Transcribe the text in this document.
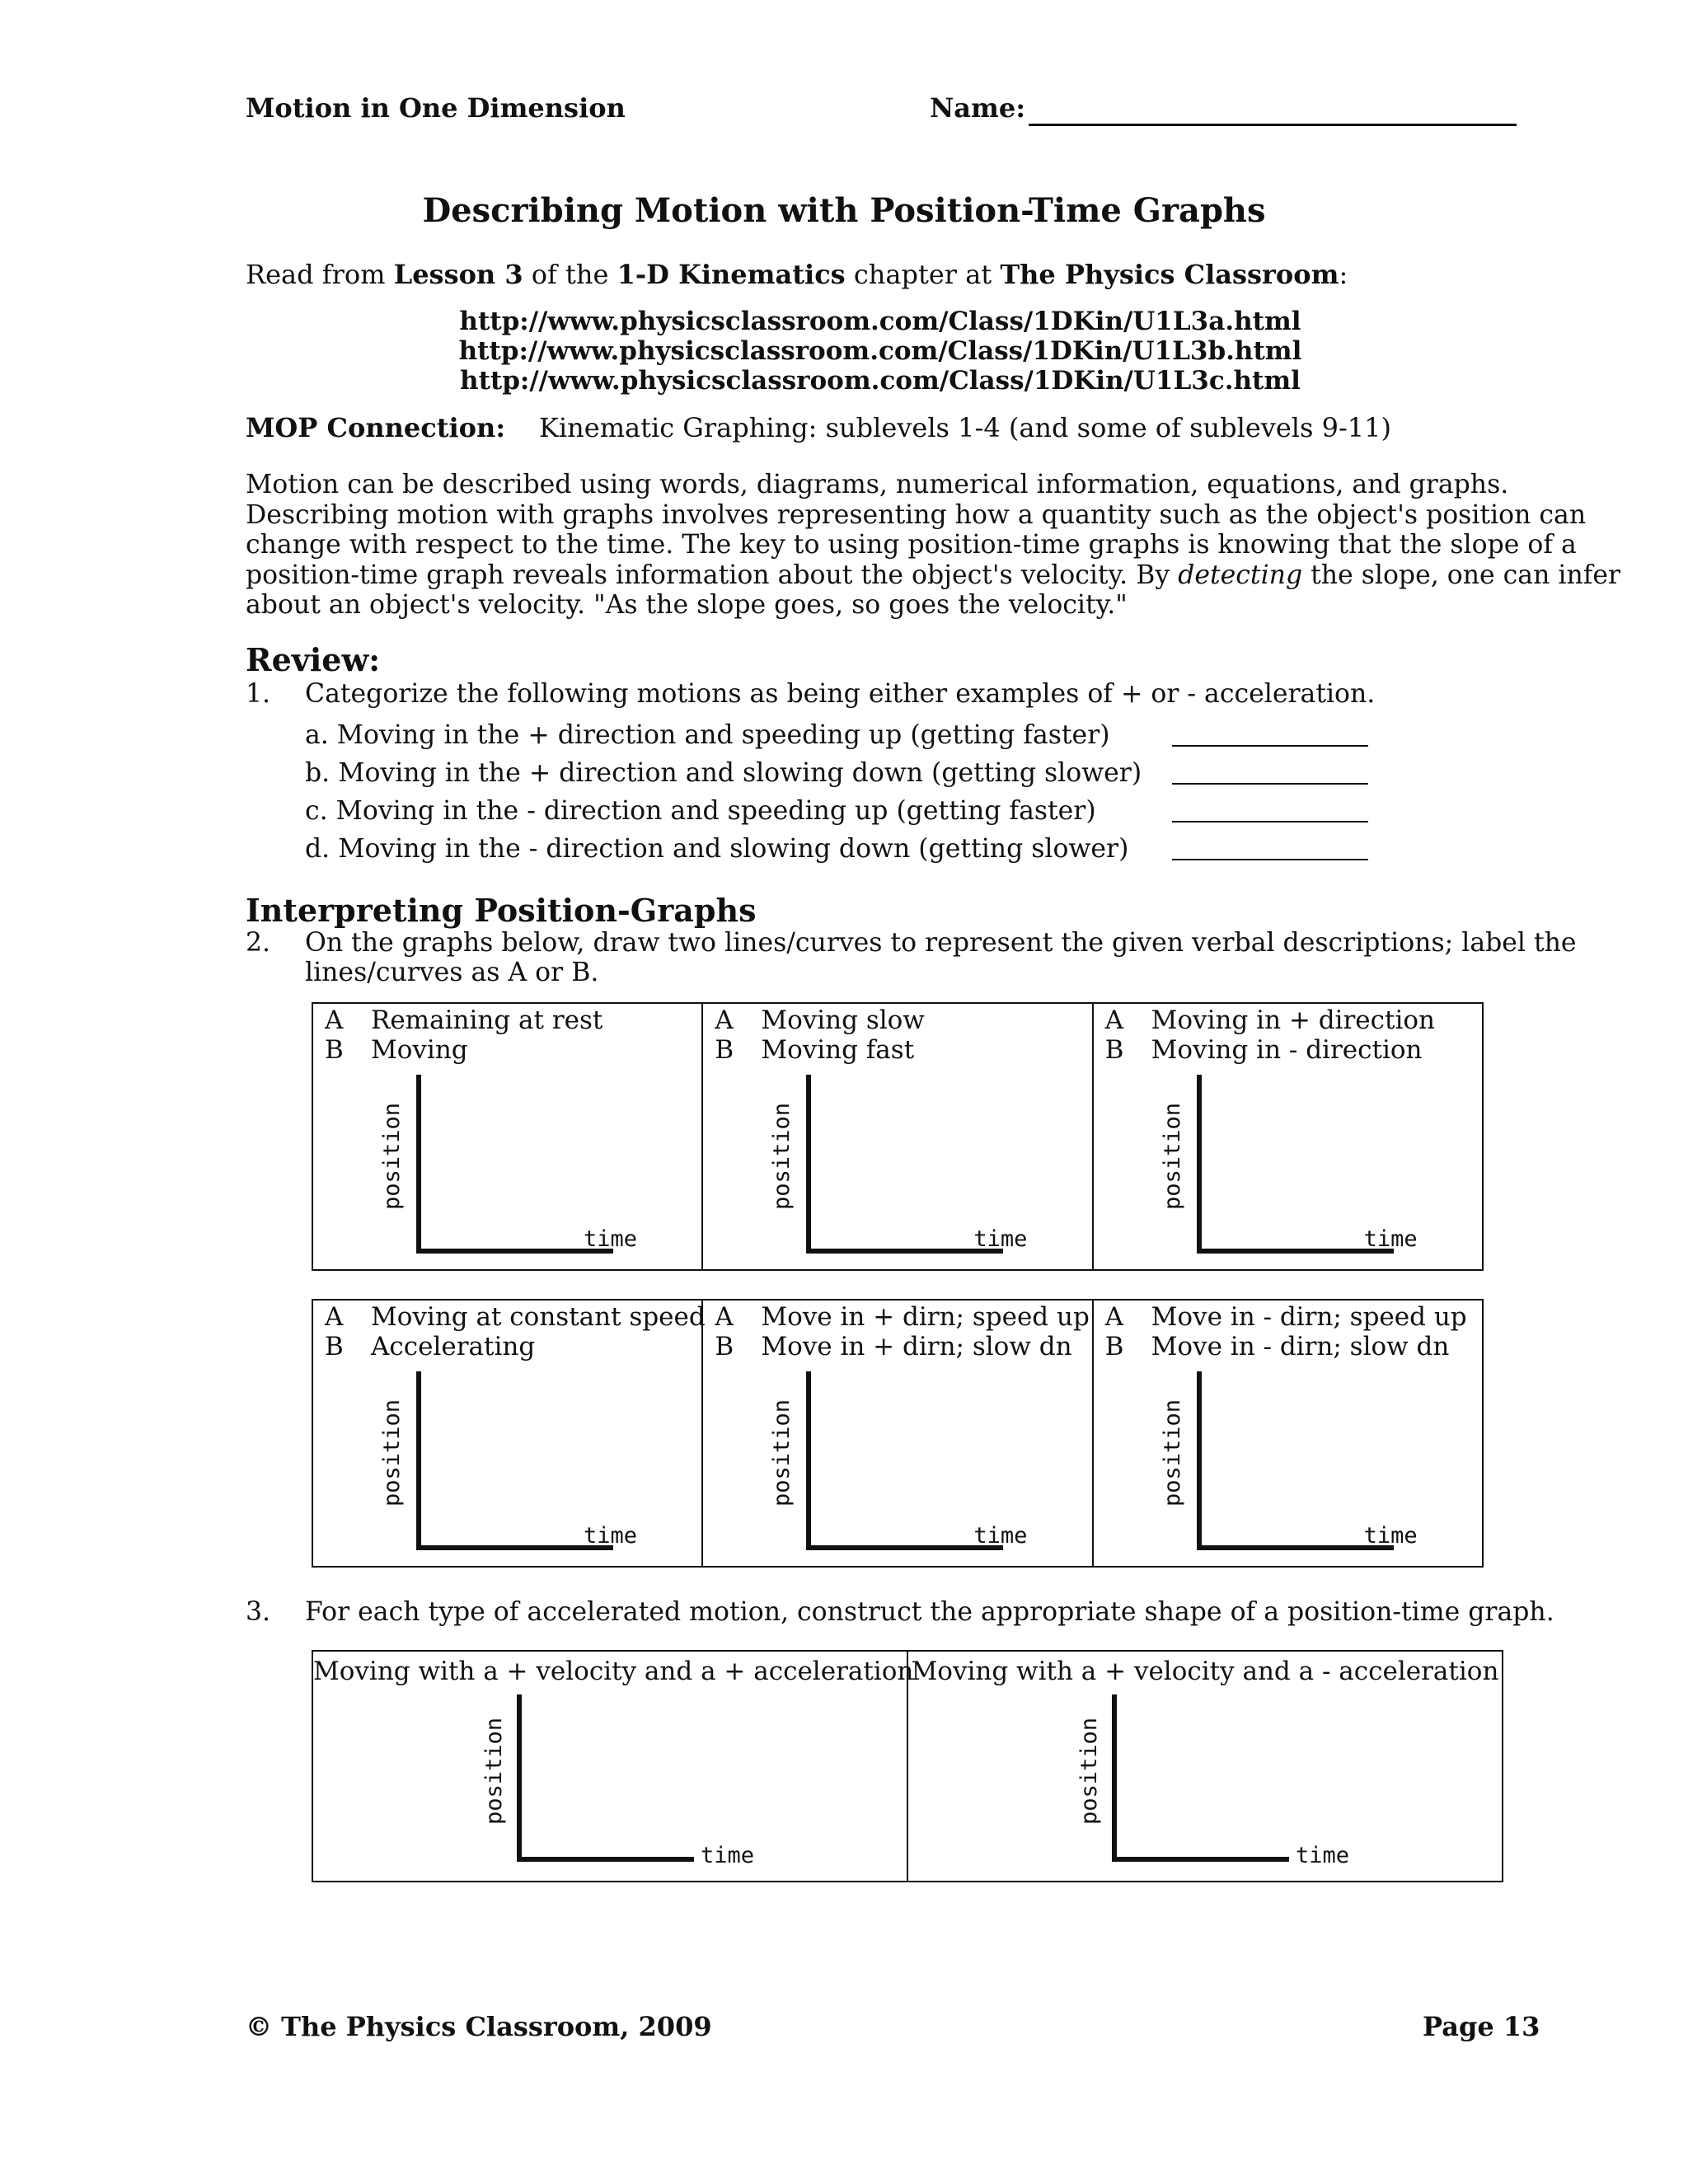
Motion in One Dimension	Name:
Describing Motion with Position-Time Graphs
Read from Lesson 3 of the 1-D Kinematics chapter at The Physics Classroom:
http://www.physicsclassroom.com/Class/1DKin/U1L3a.html
http://www.physicsclassroom.com/Class/1DKin/U1L3b.html
http://www.physicsclassroom.com/Class/1DKin/U1L3c.html
MOP Connection: Kinematic Graphing: sublevels 1-4 (and some of sublevels 9-11)

Motion can be described using words, diagrams, numerical information, equations, and graphs.

Describing motion with graphs involves representing how a quantity such as the object's position can

change with respect to the time. The key to using position-time graphs is knowing that the slope of a

position-time graph reveals information about the object's velocity. By detecting the slope, one can infer

about an object's velocity. "As the slope goes, so goes the velocity."

Review:
1. Categorize the following motions as being either examples of + or - acceleration.
a. Moving in the + direction and speeding up (getting faster)
b. Moving in the + direction and slowing down (getting slower)
c. Moving in the - direction and speeding up (getting faster)
d. Moving in the - direction and slowing down (getting slower)
Interpreting Position-Graphs
2. On the graphs below, draw two lines/curves to represent the given verbal descriptions; label the

lines/curves as A or B.

A Remaining at rest
B Moving
position
time
A Moving slow
B Moving fast
position
time
A Moving in + direction
B Moving in - direction
position
time
A Moving at constant speed
B Accelerating
position
time
A Move in + dirn; speed up
B Move in + dirn; slow dn
position
time
A Move in - dirn; speed up
B Move in - dirn; slow dn
position
time
3. For each type of accelerated motion, construct the appropriate shape of a position-time graph.
Moving with a + velocity and a + acceleration
position
time
Moving with a + velocity and a - acceleration
position
time
© The Physics Classroom, 2009	Page 13
